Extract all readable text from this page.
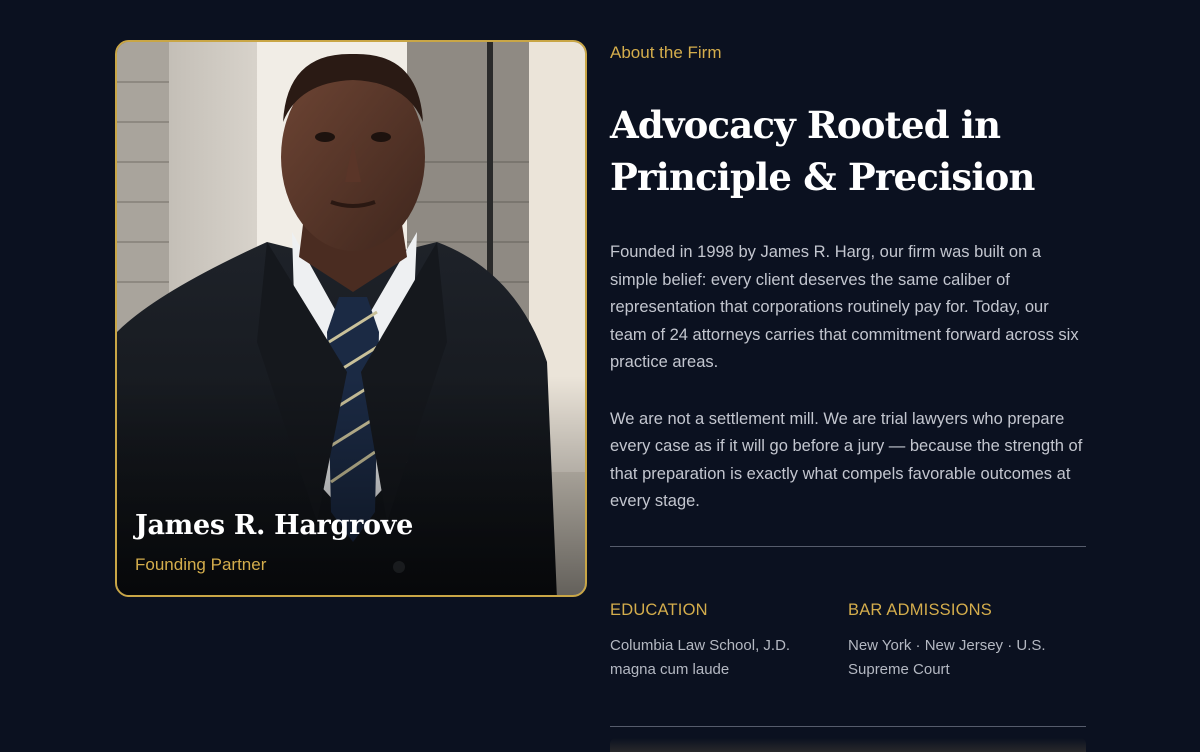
James R. Hargrove
Founding Partner
About the Firm
Advocacy Rooted in
Principle & Precision

Founded in 1998 by James R. Harg, our firm was built on a simple belief: every client deserves the same caliber of representation that corporations routinely pay for. Today, our team of 24 attorneys carries that commitment forward across six practice areas.

We are not a settlement mill. We are trial lawyers who prepare every case as if it will go before a jury — because the strength of that preparation is exactly what compels favorable outcomes at every stage.

EDUCATION
Columbia Law School, J.D. magna cum laude
BAR ADMISSIONS
New York · New Jersey · U.S. Supreme Court
